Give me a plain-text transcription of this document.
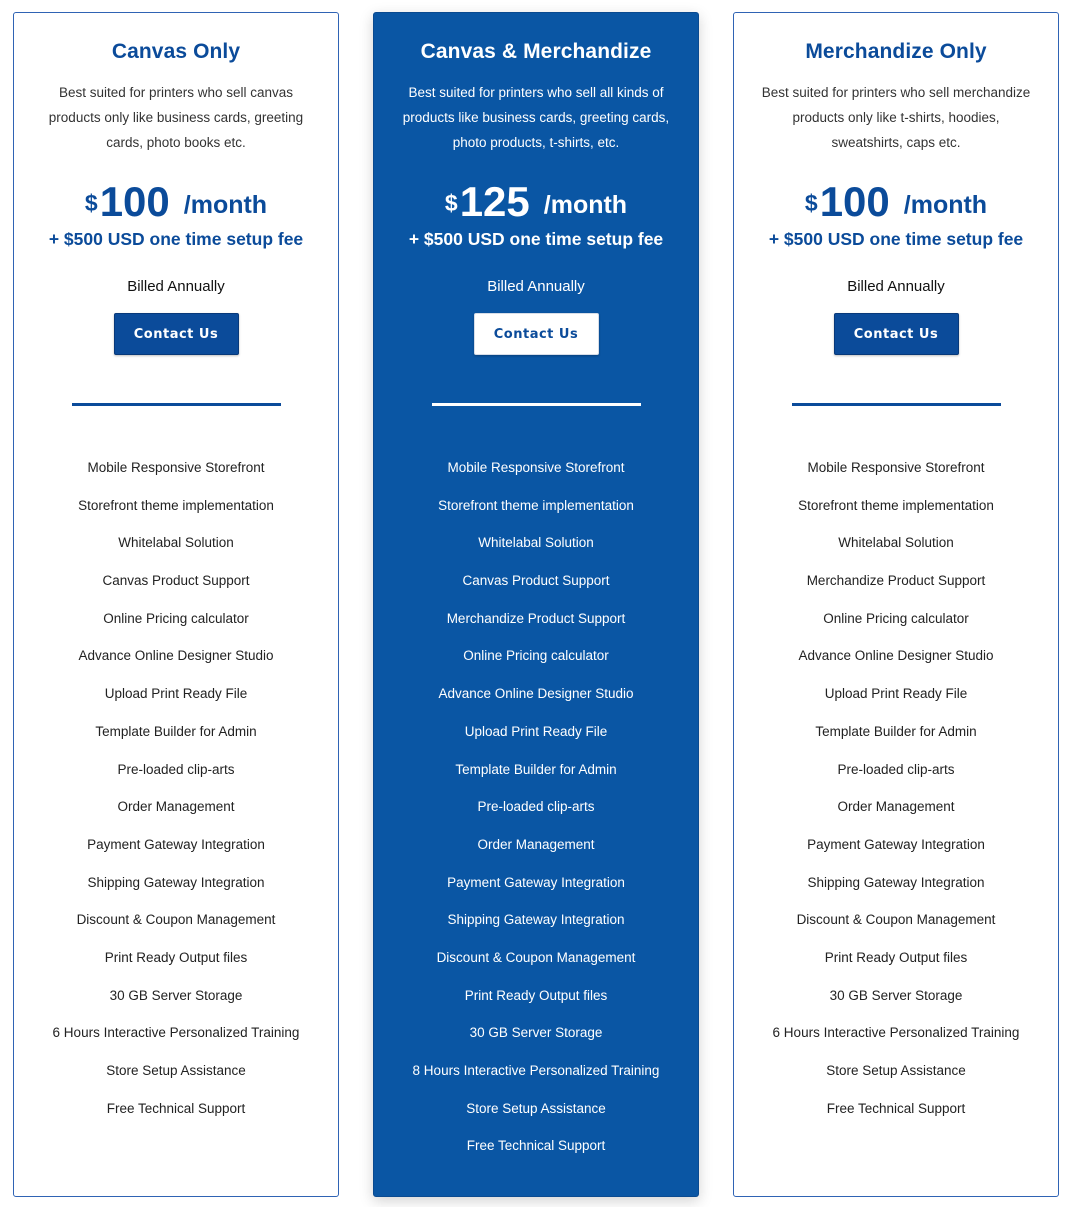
Canvas Only

Best suited for printers who sell canvas products only like business cards, greeting cards, photo books etc.

$ 100 /month
+ $500 USD one time setup fee
Billed Annually
Contact Us
Mobile Responsive Storefront
Storefront theme implementation
Whitelabal Solution
Canvas Product Support
Online Pricing calculator
Advance Online Designer Studio
Upload Print Ready File
Template Builder for Admin
Pre-loaded clip-arts
Order Management
Payment Gateway Integration
Shipping Gateway Integration
Discount & Coupon Management
Print Ready Output files
30 GB Server Storage
6 Hours Interactive Personalized Training
Store Setup Assistance
Free Technical Support
Canvas & Merchandize

Best suited for printers who sell all kinds of products like business cards, greeting cards, photo products, t-shirts, etc.

$ 125 /month
+ $500 USD one time setup fee
Billed Annually
Contact Us
Mobile Responsive Storefront
Storefront theme implementation
Whitelabal Solution
Canvas Product Support
Merchandize Product Support
Online Pricing calculator
Advance Online Designer Studio
Upload Print Ready File
Template Builder for Admin
Pre-loaded clip-arts
Order Management
Payment Gateway Integration
Shipping Gateway Integration
Discount & Coupon Management
Print Ready Output files
30 GB Server Storage
8 Hours Interactive Personalized Training
Store Setup Assistance
Free Technical Support
Merchandize Only

Best suited for printers who sell merchandize products only like t-shirts, hoodies, sweatshirts, caps etc.

$ 100 /month
+ $500 USD one time setup fee
Billed Annually
Contact Us
Mobile Responsive Storefront
Storefront theme implementation
Whitelabal Solution
Merchandize Product Support
Online Pricing calculator
Advance Online Designer Studio
Upload Print Ready File
Template Builder for Admin
Pre-loaded clip-arts
Order Management
Payment Gateway Integration
Shipping Gateway Integration
Discount & Coupon Management
Print Ready Output files
30 GB Server Storage
6 Hours Interactive Personalized Training
Store Setup Assistance
Free Technical Support
